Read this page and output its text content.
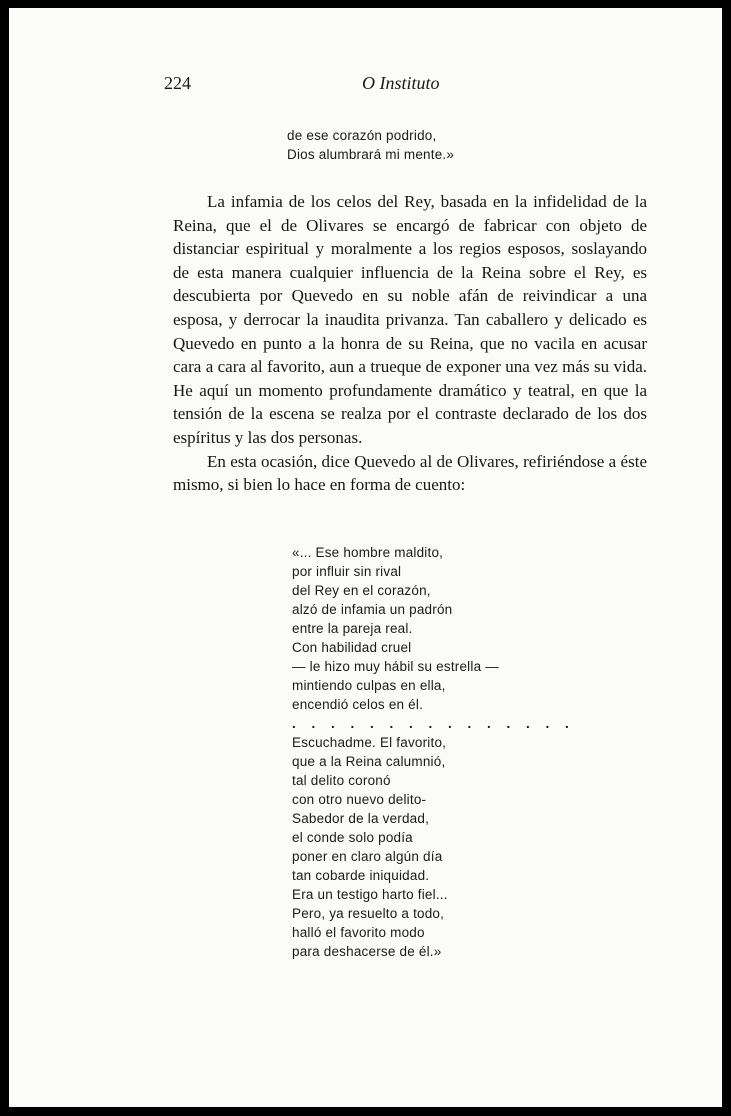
224	O Instituto
de ese corazón podrido,
Dios alumbrará mi mente.»

La infamia de los celos del Rey, basada en la infidelidad de la Reina, que el de Olivares se encargó de fabricar con objeto de distanciar espiritual y moralmente a los regios esposos, soslayando de esta manera cualquier influencia de la Reina sobre el Rey, es descubierta por Quevedo en su noble afán de reivindicar a una esposa, y derrocar la inaudita privanza. Tan caballero y delicado es Quevedo en punto a la honra de su Reina, que no vacila en acusar cara a cara al favorito, aun a trueque de exponer una vez más su vida. He aquí un momento profundamente dramático y teatral, en que la tensión de la escena se realza por el contraste declarado de los dos espíritus y las dos personas.

En esta ocasión, dice Quevedo al de Olivares, refiriéndose a éste mismo, si bien lo hace en forma de cuento:

«... Ese hombre maldito,
por influir sin rival
del Rey en el corazón,
alzó de infamia un padrón
entre la pareja real.
Con habilidad cruel
— le hizo muy hábil su estrella —
mintiendo culpas en ella,
encendió celos en él.
. . . . . . . . . . . . . . .
Escuchadme. El favorito,
que a la Reina calumnió,
tal delito coronó
con otro nuevo delito-
Sabedor de la verdad,
el conde solo podía
poner en claro algún día
tan cobarde iniquidad.
Era un testigo harto fiel...
Pero, ya resuelto a todo,
halló el favorito modo
para deshacerse de él.»
